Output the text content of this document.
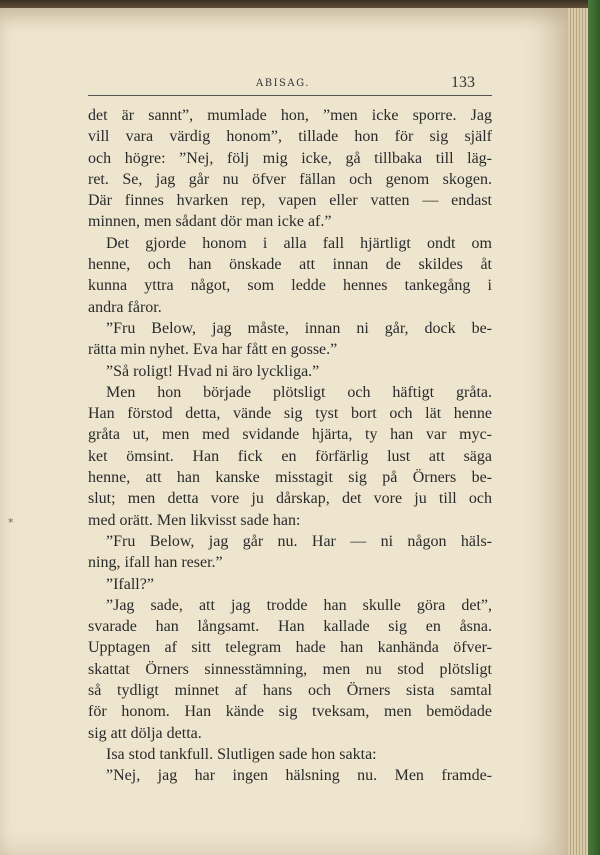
ABISAG.	133
*
det är sannt”, mumlade hon, ”men icke sporre. Jag
vill vara värdig honom”, tillade hon för sig själf
och högre: ”Nej, följ mig icke, gå tillbaka till läg-
ret. Se, jag går nu öfver fällan och genom skogen.
Där finnes hvarken rep, vapen eller vatten — endast
minnen, men sådant dör man icke af.”
Det gjorde honom i alla fall hjärtligt ondt om
henne, och han önskade att innan de skildes åt
kunna yttra något, som ledde hennes tankegång i
andra fåror.
”Fru Below, jag måste, innan ni går, dock be-
rätta min nyhet. Eva har fått en gosse.”
”Så roligt! Hvad ni äro lyckliga.”
Men hon började plötsligt och häftigt gråta.
Han förstod detta, vände sig tyst bort och lät henne
gråta ut, men med svidande hjärta, ty han var myc-
ket ömsint. Han fick en förfärlig lust att säga
henne, att han kanske misstagit sig på Örners be-
slut; men detta vore ju dårskap, det vore ju till och
med orätt. Men likvisst sade han:
”Fru Below, jag går nu. Har — ni någon häls-
ning, ifall han reser.”
”Ifall?”
”Jag sade, att jag trodde han skulle göra det”,
svarade han långsamt. Han kallade sig en åsna.
Upptagen af sitt telegram hade han kanhända öfver-
skattat Örners sinnesstämning, men nu stod plötsligt
så tydligt minnet af hans och Örners sista samtal
för honom. Han kände sig tveksam, men bemödade
sig att dölja detta.
Isa stod tankfull. Slutligen sade hon sakta:
”Nej, jag har ingen hälsning nu. Men framde-
